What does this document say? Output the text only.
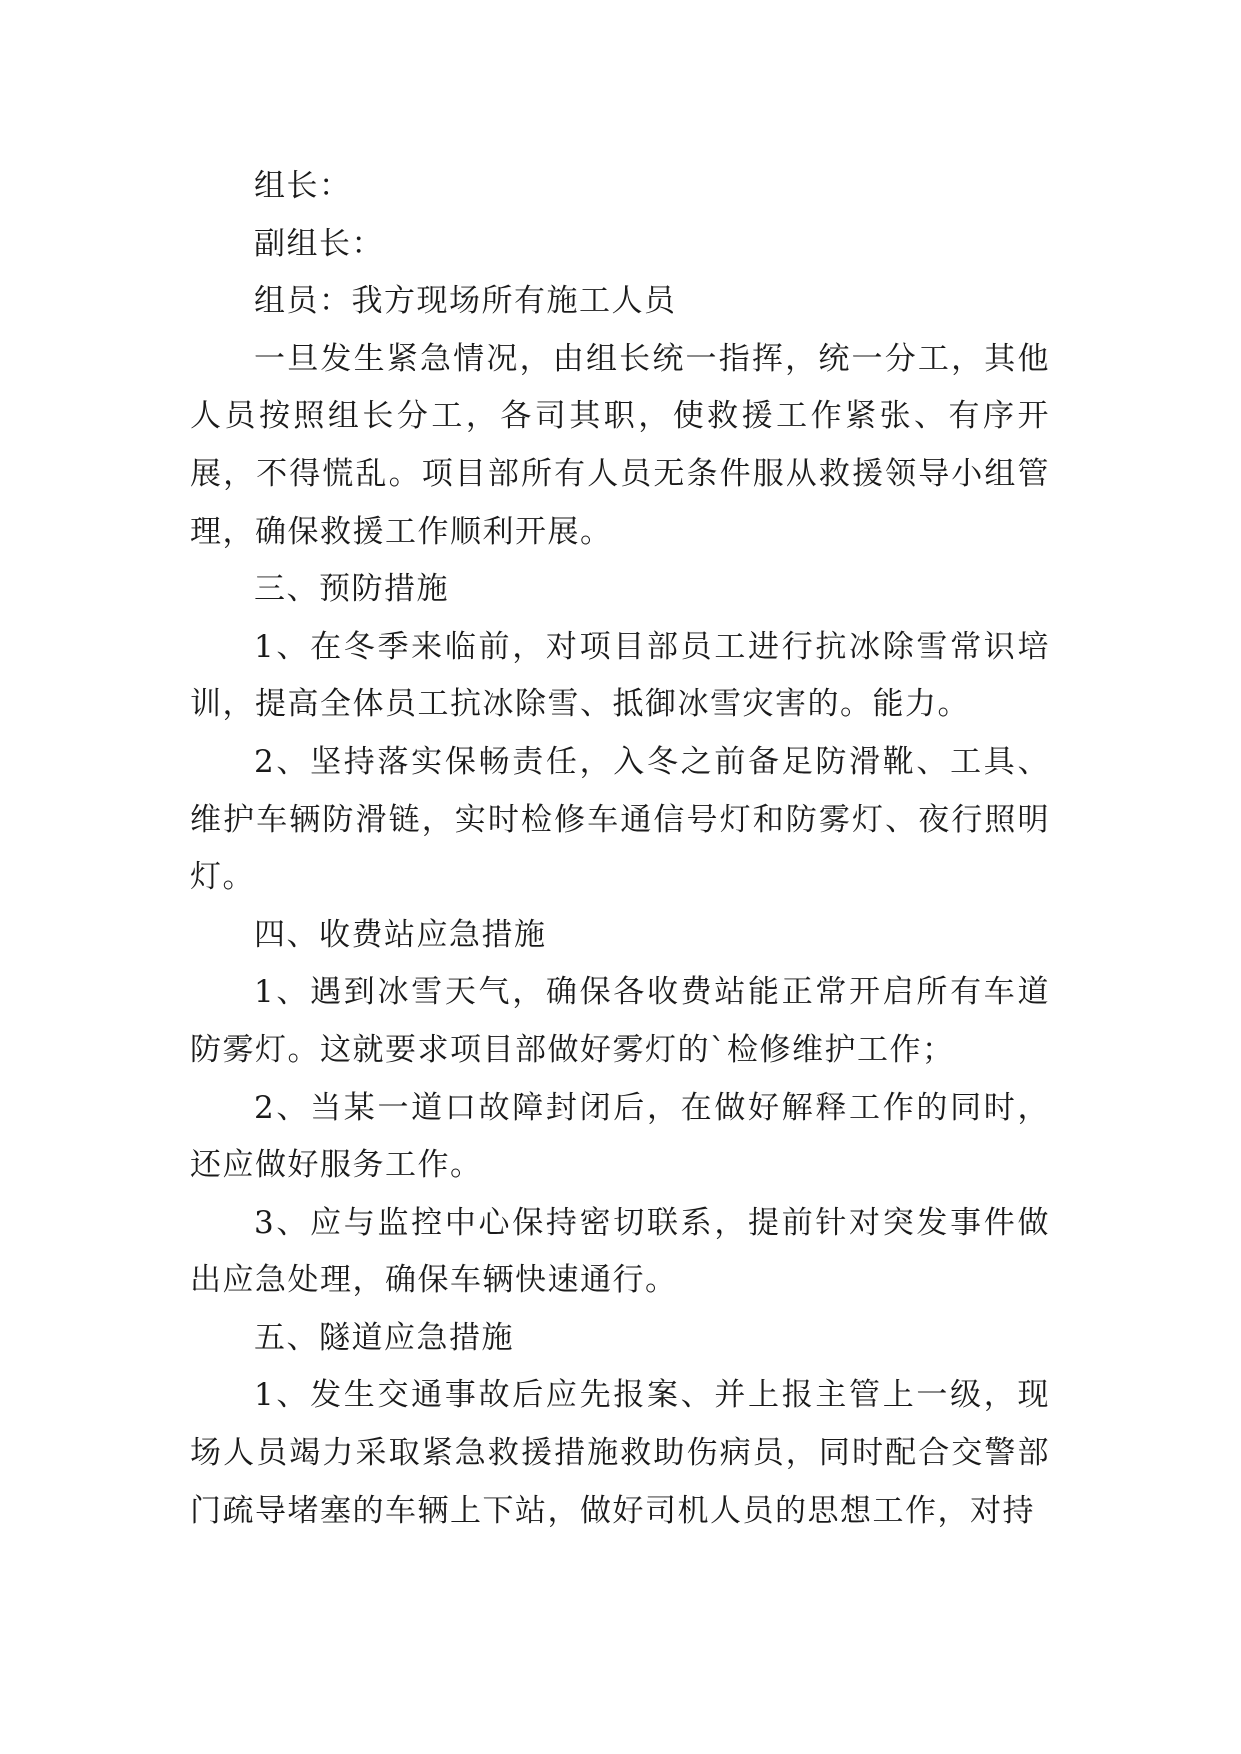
组长：

副组长：

组员：我方现场所有施工人员

一旦发生紧急情况，由组长统一指挥，统一分工，其他人员按照组长分工，各司其职，使救援工作紧张、有序开展，不得慌乱。项目部所有人员无条件服从救援领导小组管理，确保救援工作顺利开展。

三、预防措施

1、在冬季来临前，对项目部员工进行抗冰除雪常识培训，提高全体员工抗冰除雪、抵御冰雪灾害的。能力。

2、坚持落实保畅责任，入冬之前备足防滑靴、工具、维护车辆防滑链，实时检修车通信号灯和防雾灯、夜行照明灯。

四、收费站应急措施

1、遇到冰雪天气，确保各收费站能正常开启所有车道防雾灯。这就要求项目部做好雾灯的`检修维护工作；

2、当某一道口故障封闭后，在做好解释工作的同时，还应做好服务工作。

3、应与监控中心保持密切联系，提前针对突发事件做出应急处理，确保车辆快速通行。

五、隧道应急措施

1、发生交通事故后应先报案、并上报主管上一级，现场人员竭力采取紧急救援措施救助伤病员，同时配合交警部门疏导堵塞的车辆上下站，做好司机人员的思想工作，对持
